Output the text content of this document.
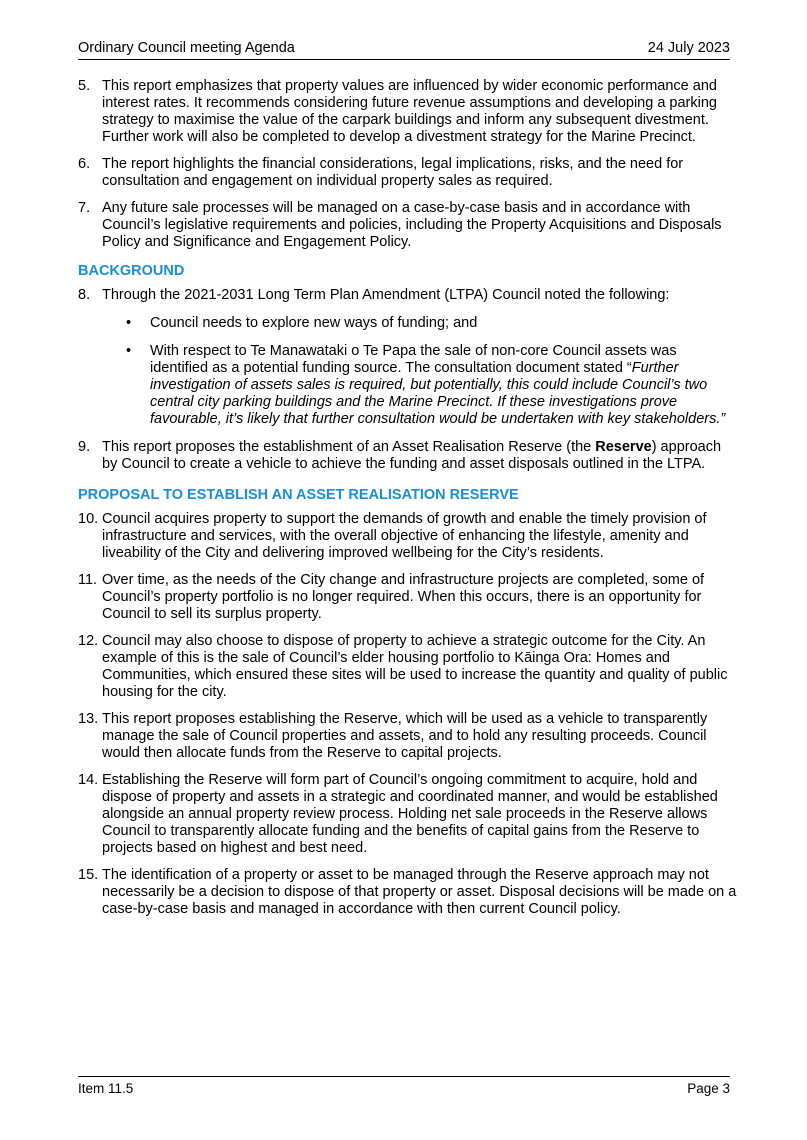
Ordinary Council meeting Agenda	24 July 2023
5. This report emphasizes that property values are influenced by wider economic performance and interest rates. It recommends considering future revenue assumptions and developing a parking strategy to maximise the value of the carpark buildings and inform any subsequent divestment. Further work will also be completed to develop a divestment strategy for the Marine Precinct.
6. The report highlights the financial considerations, legal implications, risks, and the need for consultation and engagement on individual property sales as required.
7. Any future sale processes will be managed on a case-by-case basis and in accordance with Council’s legislative requirements and policies, including the Property Acquisitions and Disposals Policy and Significance and Engagement Policy.
BACKGROUND
8. Through the 2021-2031 Long Term Plan Amendment (LTPA) Council noted the following:
• Council needs to explore new ways of funding; and
• With respect to Te Manawataki o Te Papa the sale of non-core Council assets was identified as a potential funding source. The consultation document stated “Further investigation of assets sales is required, but potentially, this could include Council’s two central city parking buildings and the Marine Precinct. If these investigations prove favourable, it’s likely that further consultation would be undertaken with key stakeholders.”
9. This report proposes the establishment of an Asset Realisation Reserve (the Reserve) approach by Council to create a vehicle to achieve the funding and asset disposals outlined in the LTPA.
PROPOSAL TO ESTABLISH AN ASSET REALISATION RESERVE
10. Council acquires property to support the demands of growth and enable the timely provision of infrastructure and services, with the overall objective of enhancing the lifestyle, amenity and liveability of the City and delivering improved wellbeing for the City’s residents.
11. Over time, as the needs of the City change and infrastructure projects are completed, some of Council’s property portfolio is no longer required. When this occurs, there is an opportunity for Council to sell its surplus property.
12. Council may also choose to dispose of property to achieve a strategic outcome for the City. An example of this is the sale of Council’s elder housing portfolio to Kāinga Ora: Homes and Communities, which ensured these sites will be used to increase the quantity and quality of public housing for the city.
13. This report proposes establishing the Reserve, which will be used as a vehicle to transparently manage the sale of Council properties and assets, and to hold any resulting proceeds. Council would then allocate funds from the Reserve to capital projects.
14. Establishing the Reserve will form part of Council’s ongoing commitment to acquire, hold and dispose of property and assets in a strategic and coordinated manner, and would be established alongside an annual property review process. Holding net sale proceeds in the Reserve allows Council to transparently allocate funding and the benefits of capital gains from the Reserve to projects based on highest and best need.
15. The identification of a property or asset to be managed through the Reserve approach may not necessarily be a decision to dispose of that property or asset. Disposal decisions will be made on a case-by-case basis and managed in accordance with then current Council policy.
Item 11.5	Page 3
